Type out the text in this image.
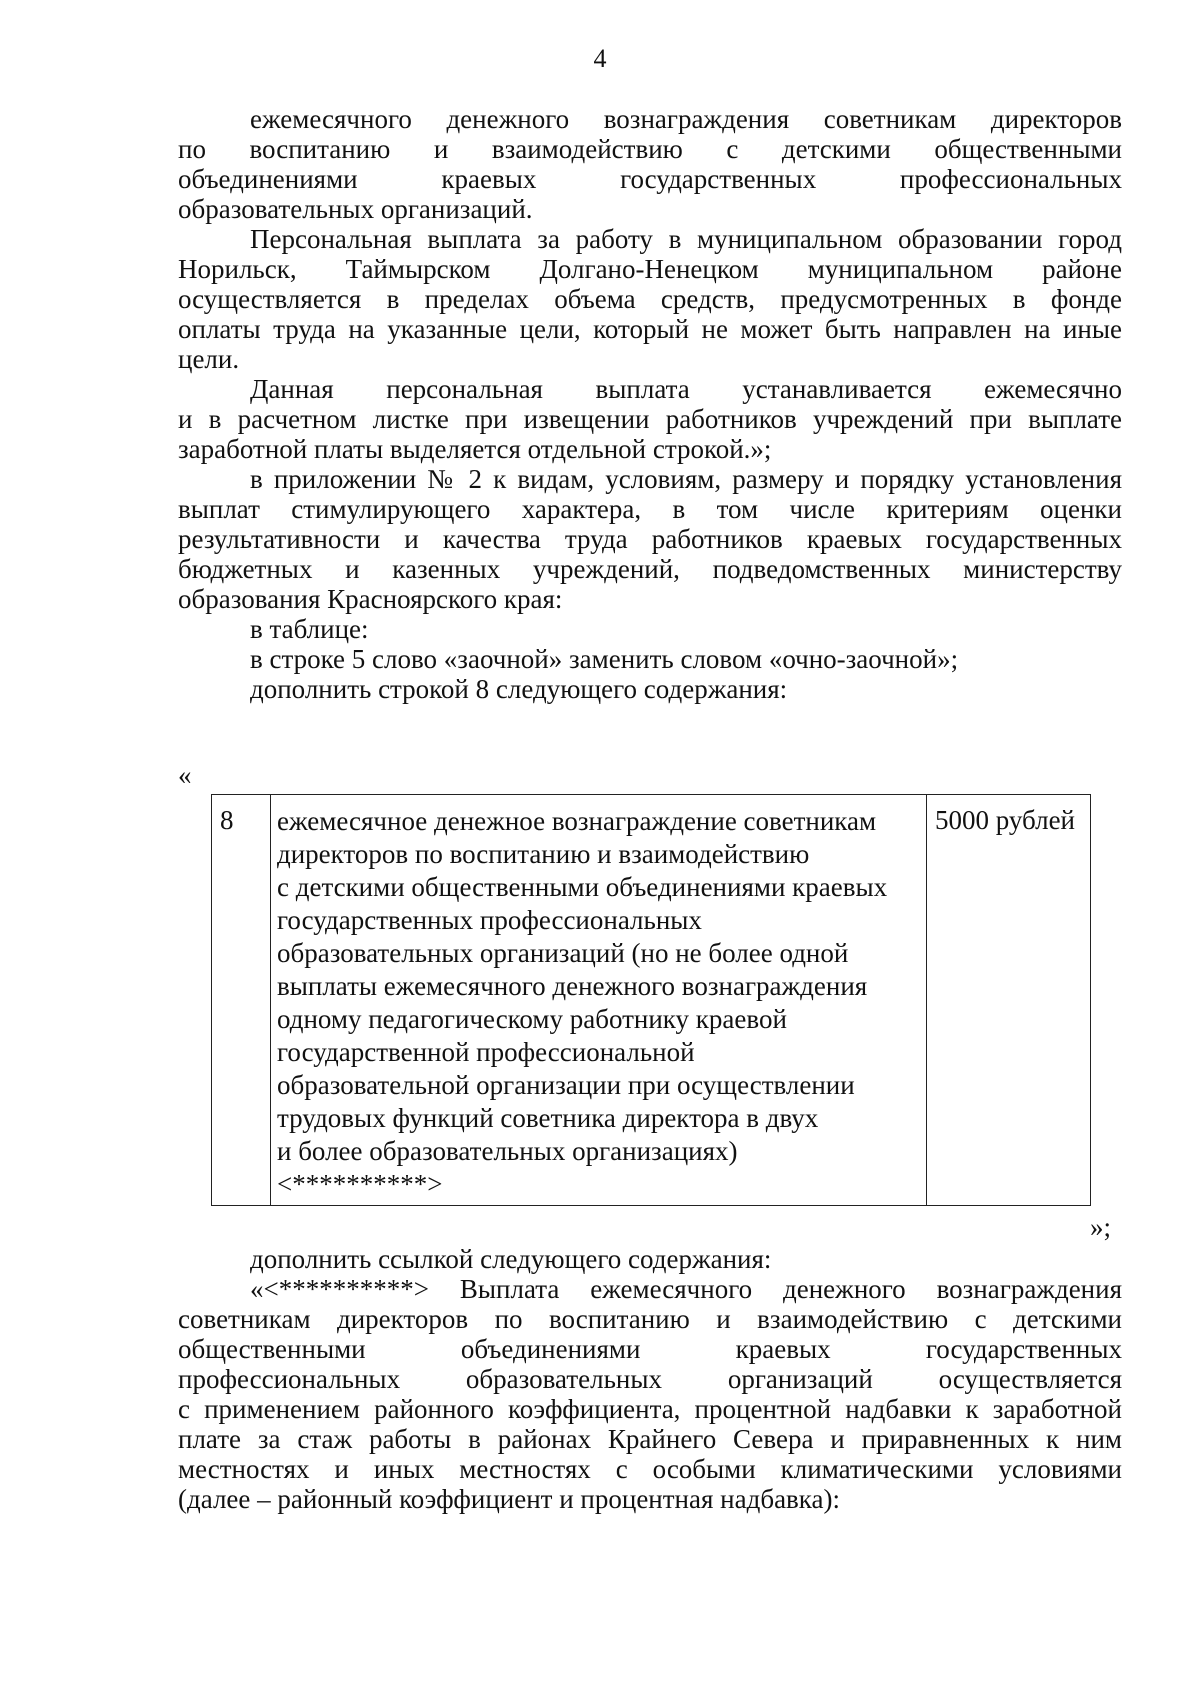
4
ежемесячного денежного вознаграждения советникам директоров
по воспитанию и взаимодействию с детскими общественными
объединениями краевых государственных профессиональных
образовательных организаций.
Персональная выплата за работу в муниципальном образовании город
Норильск, Таймырском Долгано-Ненецком муниципальном районе
осуществляется в пределах объема средств, предусмотренных в фонде
оплаты труда на указанные цели, который не может быть направлен на иные
цели.
Данная персональная выплата устанавливается ежемесячно
и в расчетном листке при извещении работников учреждений при выплате
заработной платы выделяется отдельной строкой.»;
в приложении № 2 к видам, условиям, размеру и порядку установления
выплат стимулирующего характера, в том числе критериям оценки
результативности и качества труда работников краевых государственных
бюджетных и казенных учреждений, подведомственных министерству
образования Красноярского края:
в таблице:
в строке 5 слово «заочной» заменить словом «очно-заочной»;
дополнить строкой 8 следующего содержания:
«
8	ежемесячное денежное вознаграждение советникам
директоров по воспитанию и взаимодействию
с детскими общественными объединениями краевых
государственных профессиональных
образовательных организаций (но не более одной
выплаты ежемесячного денежного вознаграждения
одному педагогическому работнику краевой
государственной профессиональной
образовательной организации при осуществлении
трудовых функций советника директора в двух
и более образовательных организациях)
<**********>
	5000 рублей
»;
дополнить ссылкой следующего содержания:
«<**********> Выплата ежемесячного денежного вознаграждения
советникам директоров по воспитанию и взаимодействию с детскими
общественными объединениями краевых государственных
профессиональных образовательных организаций осуществляется
с применением районного коэффициента, процентной надбавки к заработной
плате за стаж работы в районах Крайнего Севера и приравненных к ним
местностях и иных местностях с особыми климатическими условиями
(далее – районный коэффициент и процентная надбавка):
